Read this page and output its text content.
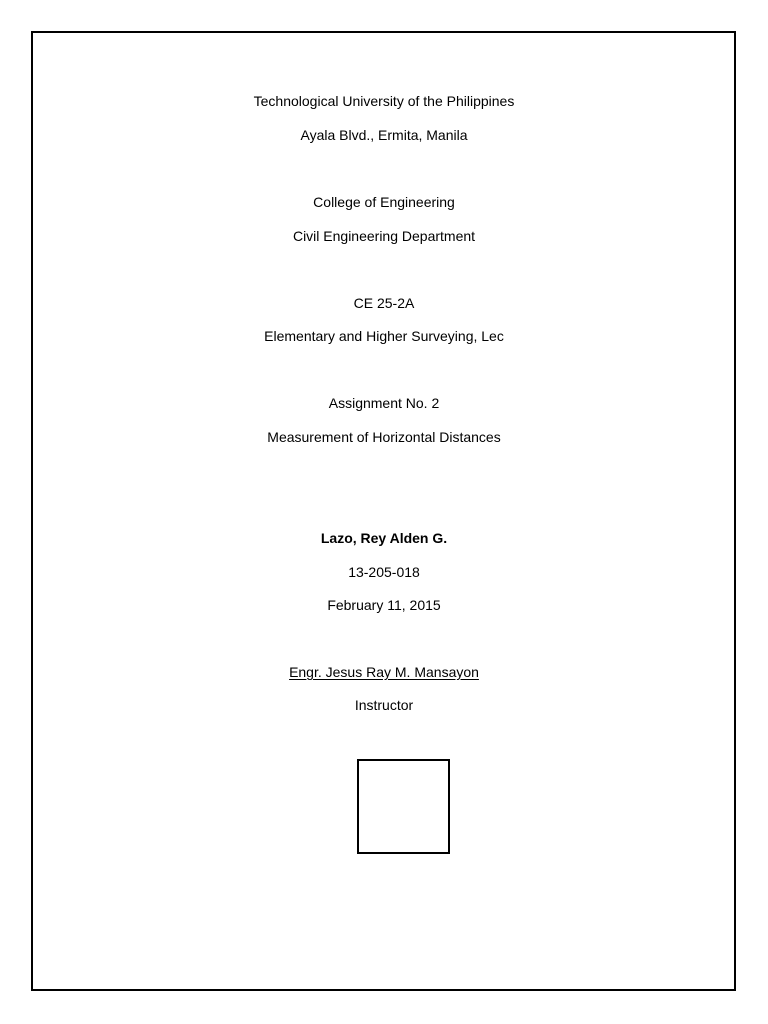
Technological University of the Philippines
Ayala Blvd., Ermita, Manila
College of Engineering
Civil Engineering Department
CE 25-2A
Elementary and Higher Surveying, Lec
Assignment No. 2
Measurement of Horizontal Distances
Lazo, Rey Alden G.
13-205-018
February 11, 2015
Engr. Jesus Ray M. Mansayon
Instructor
